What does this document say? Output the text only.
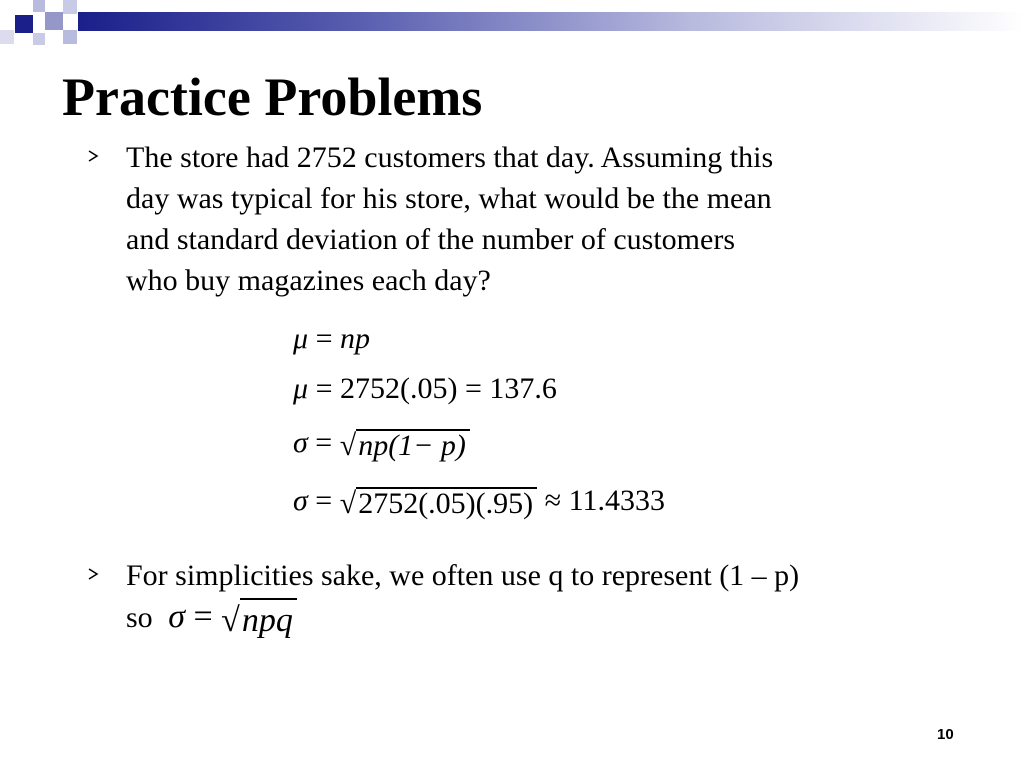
Practice Problems
The store had 2752 customers that day. Assuming this
day was typical for his store, what would be the mean
and standard deviation of the number of customers
who buy magazines each day?
μ = np
μ = 2752(.05) = 137.6
σ = √np(1− p)
σ = √2752(.05)(.95) ≈ 11.4333
For simplicities sake, we often use q to represent (1 – p)
so σ = √npq
10
